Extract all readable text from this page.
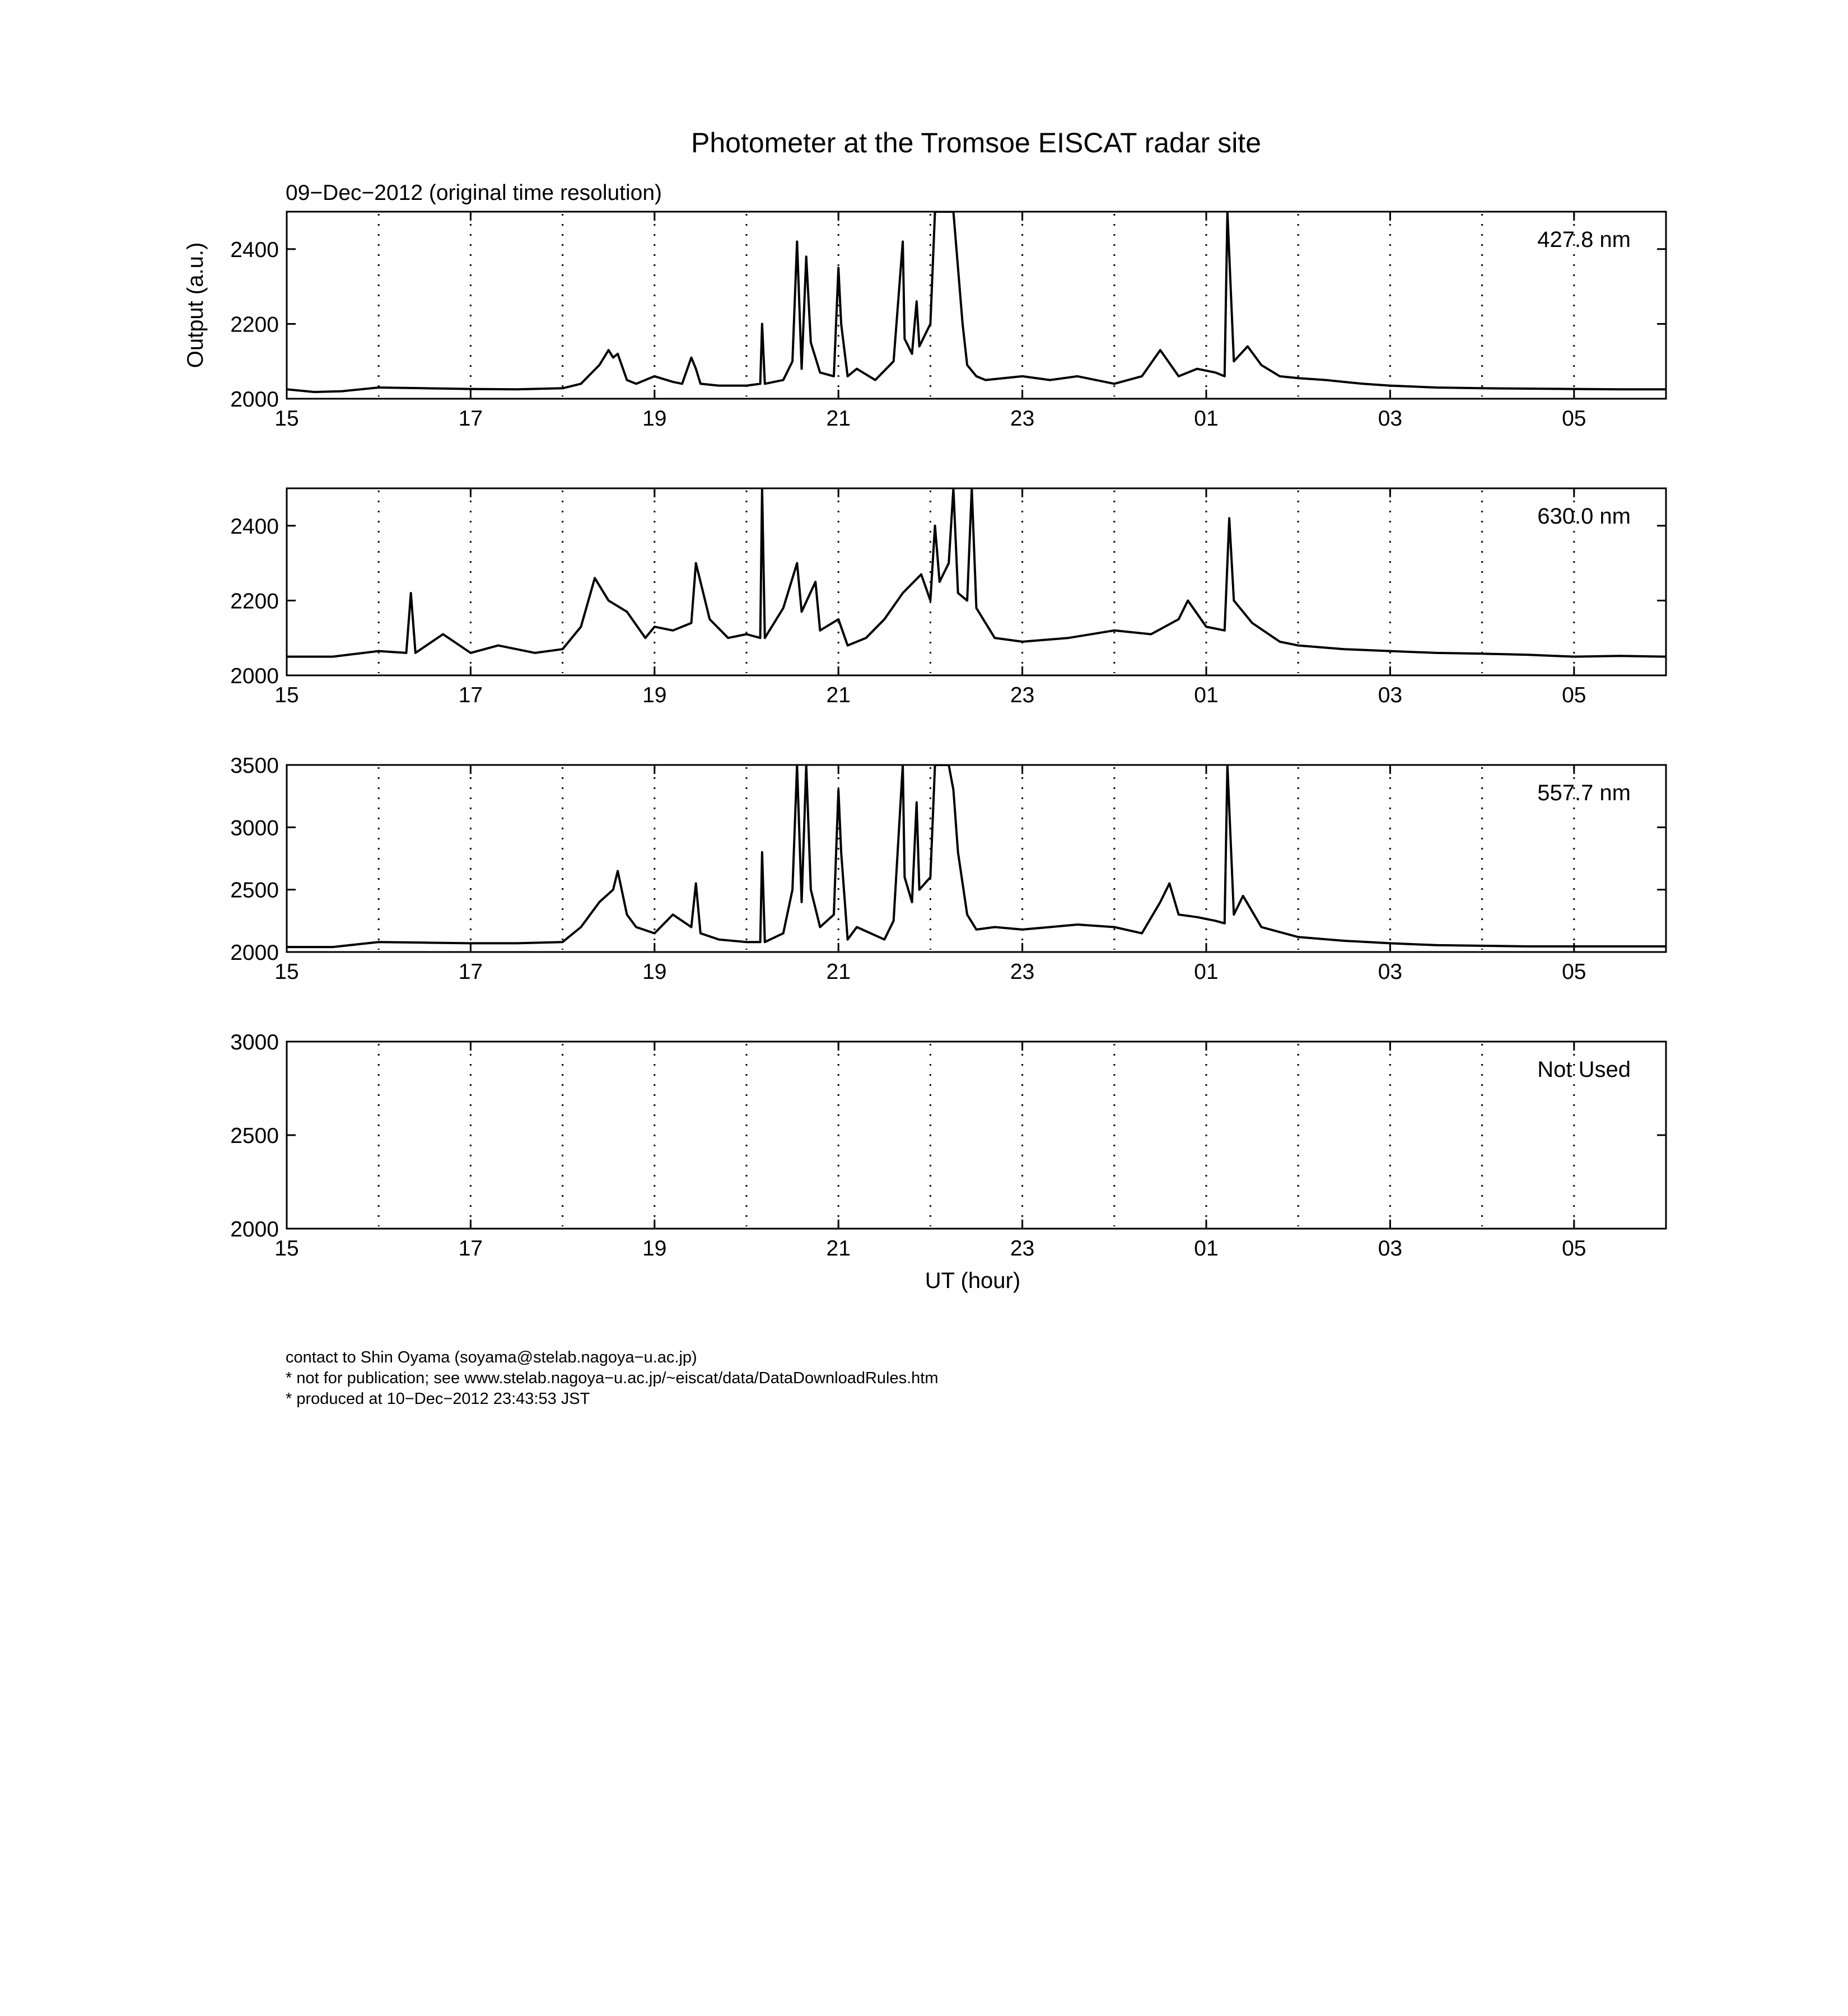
Photometer at the Tromsoe EISCAT radar site
09−Dec−2012 (original time resolution)
Output (a.u.)
2000
2200
2400
15	17	19	21	23	01	03	05
427.8 nm
2000
2200
2400
15	17	19	21	23	01	03	05
630.0 nm
2000
2500
3000
3500
15	17	19	21	23	01	03	05
557.7 nm
2000
2500
3000
15	17	19	21	23	01	03	05
Not Used
UT (hour)
contact to Shin Oyama (soyama@stelab.nagoya−u.ac.jp)
* not for publication; see www.stelab.nagoya−u.ac.jp/~eiscat/data/DataDownloadRules.htm
* produced at 10−Dec−2012 23:43:53 JST
